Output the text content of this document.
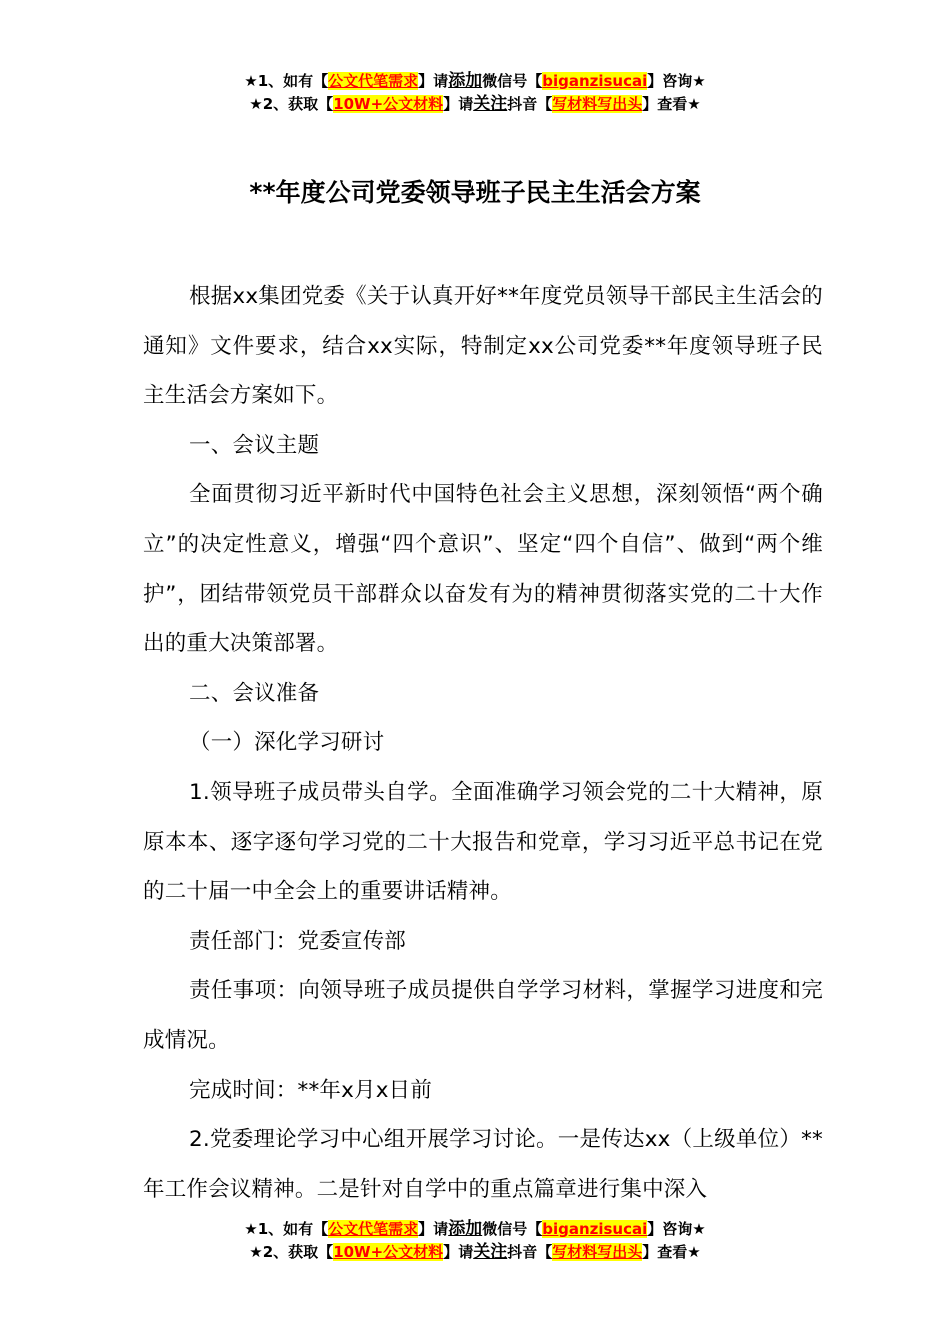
★1、如有【公文代笔需求】请添加微信号【biganzisucai】咨询★
★2、获取【10W+公文材料】请关注抖音【写材料写出头】查看★
**年度公司党委领导班子民主生活会方案

根据xx集团党委《关于认真开好**年度党员领导干部民主生活会的通知》文件要求，结合xx实际，特制定xx公司党委**年度领导班子民主生活会方案如下。

一、会议主题

全面贯彻习近平新时代中国特色社会主义思想，深刻领悟“两个确立”的决定性意义，增强“四个意识”、坚定“四个自信”、做到“两个维护”，团结带领党员干部群众以奋发有为的精神贯彻落实党的二十大作出的重大决策部署。

二、会议准备

（一）深化学习研讨

1.领导班子成员带头自学。全面准确学习领会党的二十大精神，原原本本、逐字逐句学习党的二十大报告和党章，学习习近平总书记在党的二十届一中全会上的重要讲话精神。

责任部门：党委宣传部

责任事项：向领导班子成员提供自学学习材料，掌握学习进度和完成情况。

完成时间：**年x月x日前

2.党委理论学习中心组开展学习讨论。一是传达xx（上级单位）**年工作会议精神。二是针对自学中的重点篇章进行集中深入

★1、如有【公文代笔需求】请添加微信号【biganzisucai】咨询★
★2、获取【10W+公文材料】请关注抖音【写材料写出头】查看★
